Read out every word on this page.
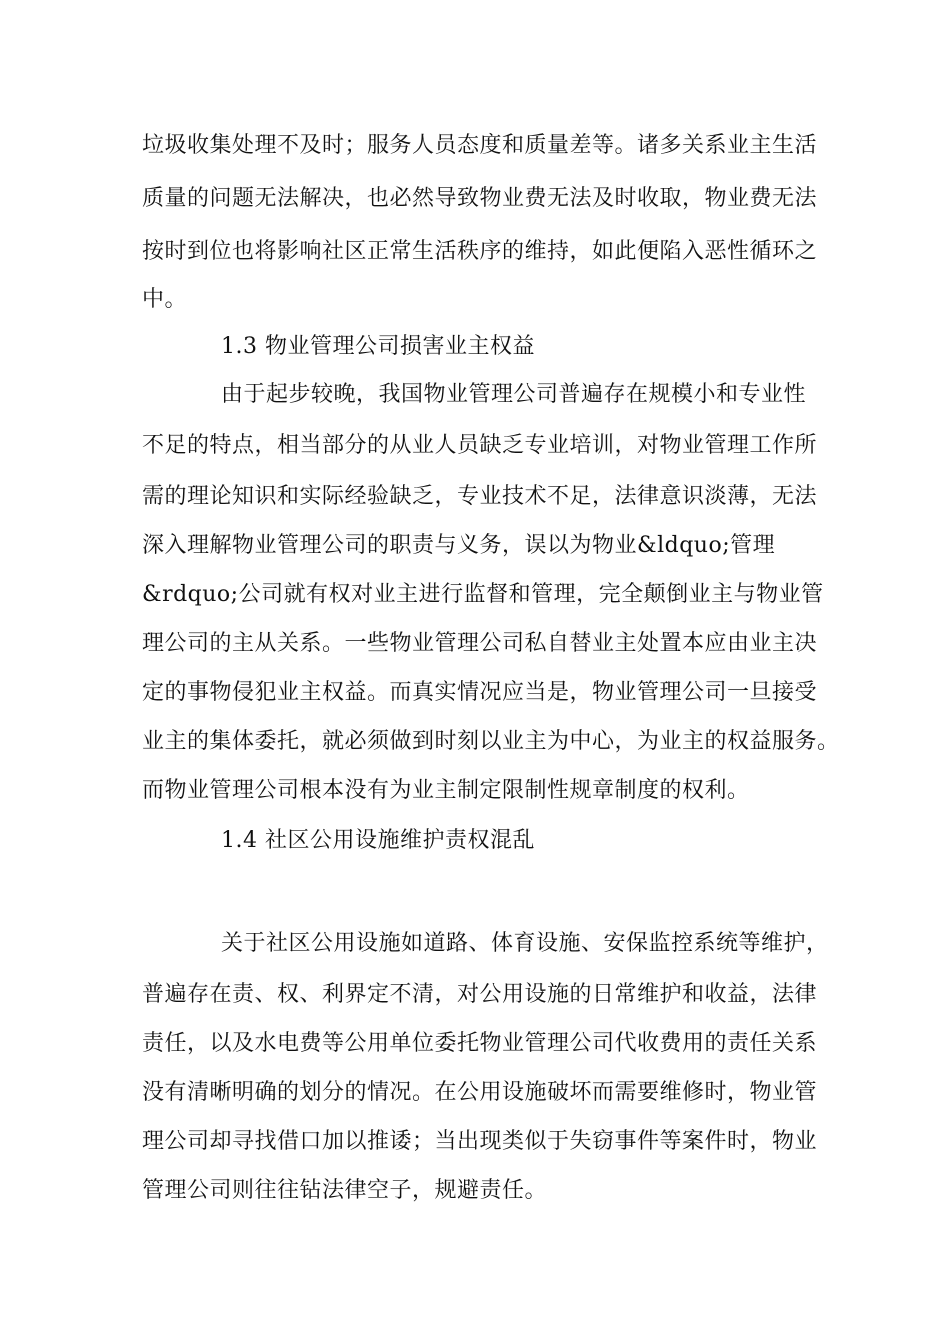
垃圾收集处理不及时；服务人员态度和质量差等。诸多关系业主生活
质量的问题无法解决，也必然导致物业费无法及时收取，物业费无法
按时到位也将影响社区正常生活秩序的维持，如此便陷入恶性循环之
中。
1.3 物业管理公司损害业主权益
由于起步较晚，我国物业管理公司普遍存在规模小和专业性
不足的特点，相当部分的从业人员缺乏专业培训，对物业管理工作所
需的理论知识和实际经验缺乏，专业技术不足，法律意识淡薄，无法
深入理解物业管理公司的职责与义务，误以为物业&ldquo;管理
&rdquo;公司就有权对业主进行监督和管理，完全颠倒业主与物业管
理公司的主从关系。一些物业管理公司私自替业主处置本应由业主决
定的事物侵犯业主权益。而真实情况应当是，物业管理公司一旦接受
业主的集体委托，就必须做到时刻以业主为中心，为业主的权益服务。
而物业管理公司根本没有为业主制定限制性规章制度的权利。
1.4 社区公用设施维护责权混乱
关于社区公用设施如道路、体育设施、安保监控系统等维护，
普遍存在责、权、利界定不清，对公用设施的日常维护和收益，法律
责任，以及水电费等公用单位委托物业管理公司代收费用的责任关系
没有清晰明确的划分的情况。在公用设施破坏而需要维修时，物业管
理公司却寻找借口加以推诿；当出现类似于失窃事件等案件时，物业
管理公司则往往钻法律空子，规避责任。
